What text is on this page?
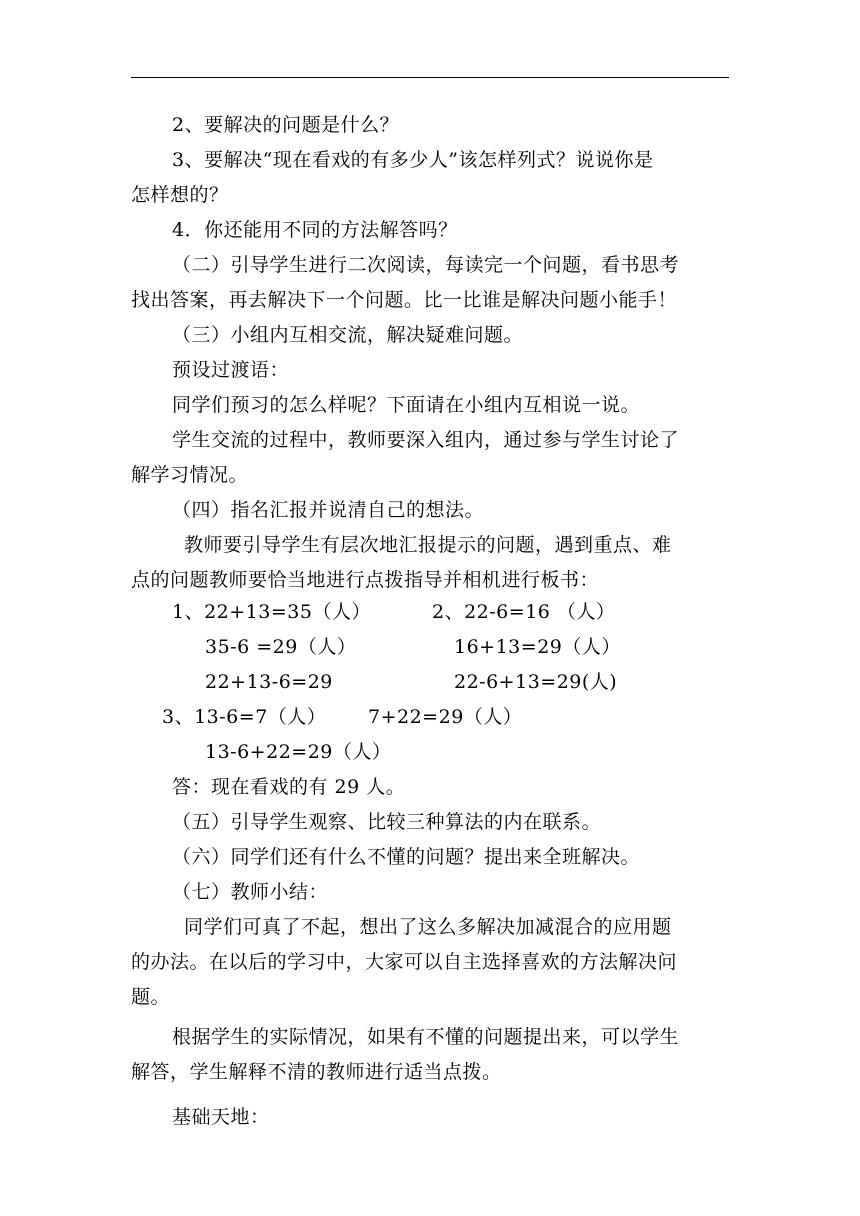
2、要解决的问题是什么？
3、要解决“现在看戏的有多少人”该怎样列式？说说你是
怎样想的？
4．你还能用不同的方法解答吗？
（二）引导学生进行二次阅读，每读完一个问题，看书思考
找出答案，再去解决下一个问题。比一比谁是解决问题小能手！
（三）小组内互相交流，解决疑难问题。
预设过渡语：
同学们预习的怎么样呢？下面请在小组内互相说一说。
学生交流的过程中，教师要深入组内，通过参与学生讨论了
解学习情况。
（四）指名汇报并说清自己的想法。
教师要引导学生有层次地汇报提示的问题，遇到重点、难
点的问题教师要恰当地进行点拨指导并相机进行板书：
1、22+13=35（人）	2、22-6=16 （人）
35-6 =29（人）	16+13=29（人）
22+13-6=29	22-6+13=29(人)
3、13-6=7（人） 7+22=29（人）
13-6+22=29（人）
答：现在看戏的有 29 人。
（五）引导学生观察、比较三种算法的内在联系。
（六）同学们还有什么不懂的问题？提出来全班解决。
（七）教师小结：
同学们可真了不起，想出了这么多解决加减混合的应用题
的办法。在以后的学习中，大家可以自主选择喜欢的方法解决问
题。
根据学生的实际情况，如果有不懂的问题提出来，可以学生
解答，学生解释不清的教师进行适当点拨。
基础天地：
